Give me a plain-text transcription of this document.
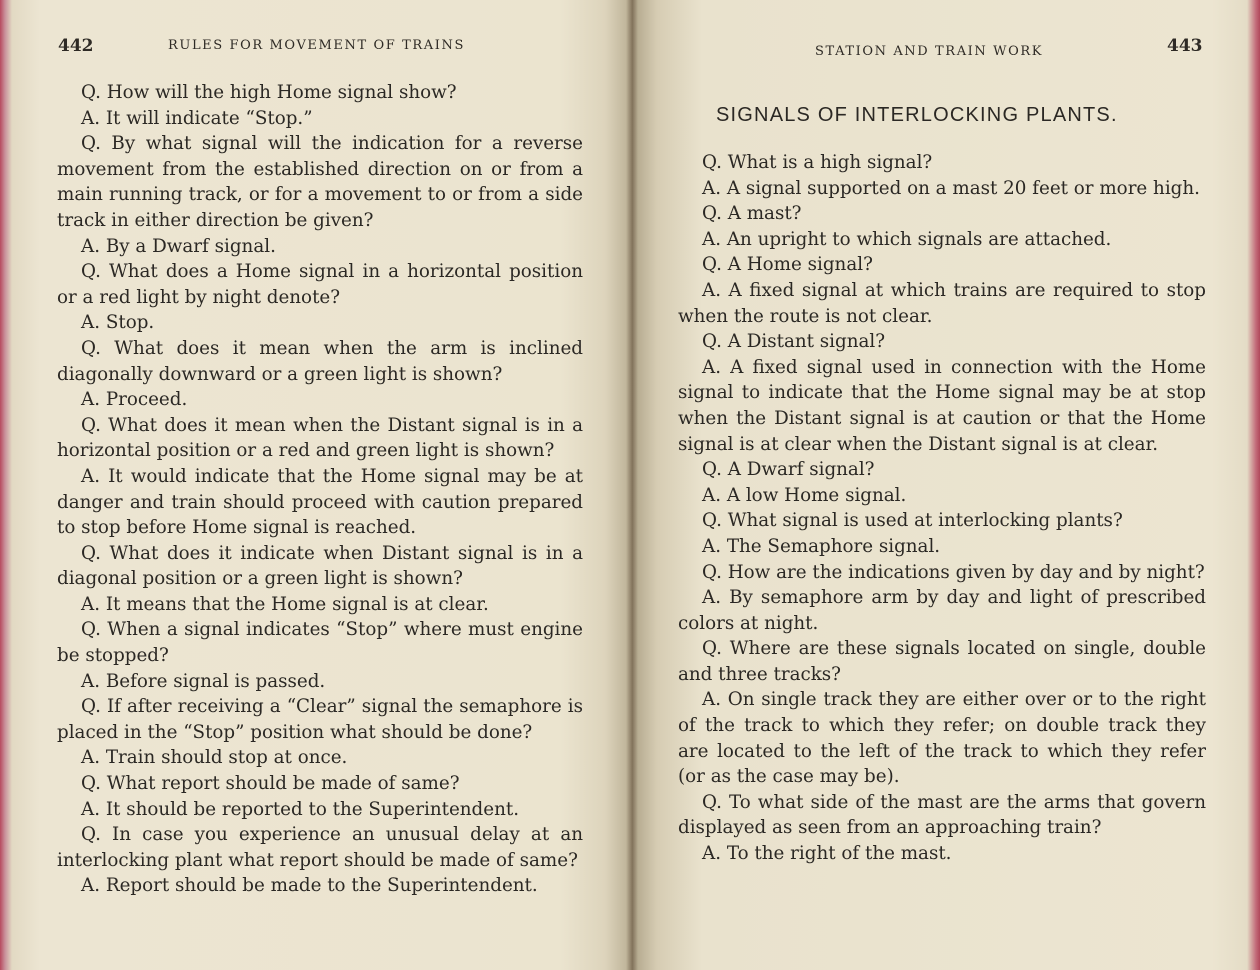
442	RULES FOR MOVEMENT OF TRAINS

Q. How will the high Home signal show?

A. It will indicate “Stop.”

Q. By what signal will the indication for a reverse movement from the established direction on or from a main running track, or for a movement to or from a side track in either direction be given?

A. By a Dwarf signal.

Q. What does a Home signal in a horizontal position or a red light by night denote?

A. Stop.

Q. What does it mean when the arm is inclined diagonally downward or a green light is shown?

A. Proceed.

Q. What does it mean when the Distant signal is in a horizontal position or a red and green light is shown?

A. It would indicate that the Home signal may be at danger and train should proceed with caution prepared to stop before Home signal is reached.

Q. What does it indicate when Distant signal is in a diagonal position or a green light is shown?

A. It means that the Home signal is at clear.

Q. When a signal indicates “Stop” where must engine be stopped?

A. Before signal is passed.

Q. If after receiving a “Clear” signal the semaphore is placed in the “Stop” position what should be done?

A. Train should stop at once.

Q. What report should be made of same?

A. It should be reported to the Superintendent.

Q. In case you experience an unusual delay at an interlocking plant what report should be made of same?

A. Report should be made to the Superintendent.

STATION AND TRAIN WORK	443
SIGNALS OF INTERLOCKING PLANTS.

Q. What is a high signal?

A. A signal supported on a mast 20 feet or more high.

Q. A mast?

A. An upright to which signals are attached.

Q. A Home signal?

A. A fixed signal at which trains are required to stop when the route is not clear.

Q. A Distant signal?

A. A fixed signal used in connection with the Home signal to indicate that the Home signal may be at stop when the Distant signal is at caution or that the Home signal is at clear when the Distant signal is at clear.

Q. A Dwarf signal?

A. A low Home signal.

Q. What signal is used at interlocking plants?

A. The Semaphore signal.

Q. How are the indications given by day and by night?

A. By semaphore arm by day and light of prescribed colors at night.

Q. Where are these signals located on single, double and three tracks?

A. On single track they are either over or to the right of the track to which they refer; on double track they are located to the left of the track to which they refer (or as the case may be).

Q. To what side of the mast are the arms that govern displayed as seen from an approaching train?

A. To the right of the mast.
